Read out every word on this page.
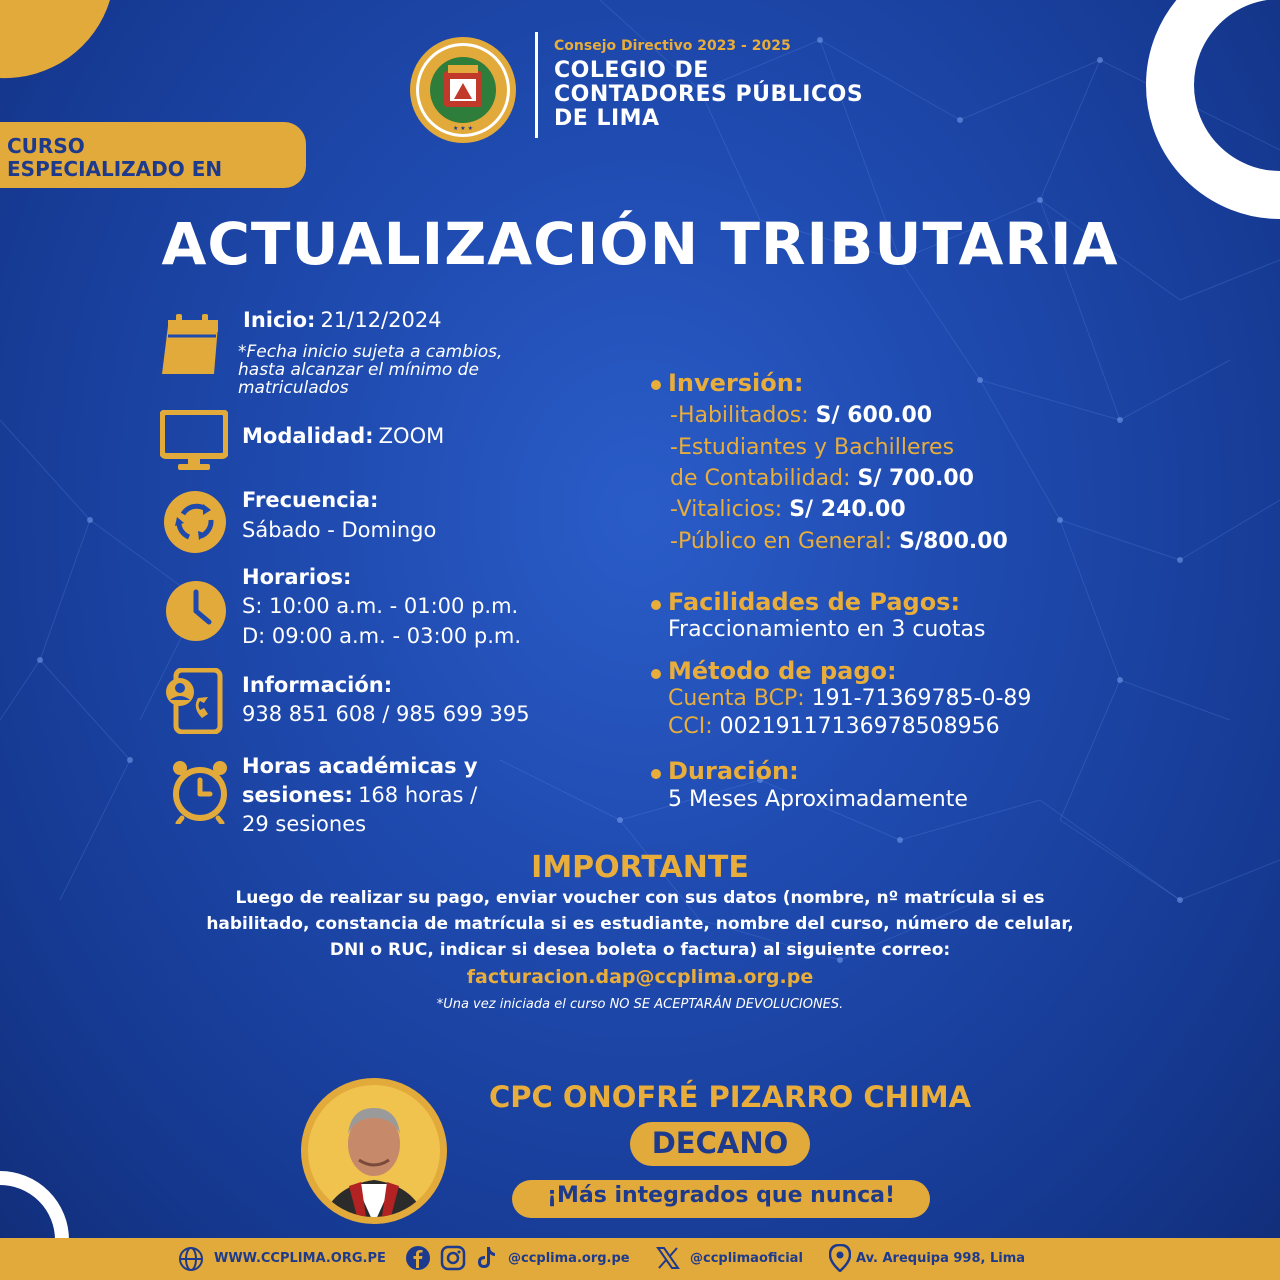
★ ★ ★
Consejo Directivo 2023 - 2025
COLEGIO DE
CONTADORES PÚBLICOS
DE LIMA
CURSO
ESPECIALIZADO EN
ACTUALIZACIÓN TRIBUTARIA
Inicio: 21/12/2024
*Fecha inicio sujeta a cambios,
hasta alcanzar el mínimo de
matriculados
Modalidad: ZOOM
Frecuencia:
Sábado - Domingo
Horarios:
S: 10:00 a.m. - 01:00 p.m.
D: 09:00 a.m. - 03:00 p.m.
Información:
938 851 608 / 985 699 395
Horas académicas y
sesiones: 168 horas /
29 sesiones
Inversión:
-Habilitados: S/ 600.00
-Estudiantes y Bachilleres
de Contabilidad: S/ 700.00
-Vitalicios: S/ 240.00
-Público en General: S/800.00
Facilidades de Pagos:
Fraccionamiento en 3 cuotas
Método de pago:
Cuenta BCP: 191-71369785-0-89
CCI: 00219117136978508956
Duración:
5 Meses Aproximadamente
IMPORTANTE
Luego de realizar su pago, enviar voucher con sus datos (nombre, nº matrícula si es
habilitado, constancia de matrícula si es estudiante, nombre del curso, número de celular,
DNI o RUC, indicar si desea boleta o factura) al siguiente correo:
facturacion.dap@ccplima.org.pe
*Una vez iniciada el curso NO SE ACEPTARÁN DEVOLUCIONES.
CPC ONOFRÉ PIZARRO CHIMA
DECANO
¡Más integrados que nunca!
WWW.CCPLIMA.ORG.PE	@ccplima.org.pe	@ccplimaoficial	Av. Arequipa 998, Lima
